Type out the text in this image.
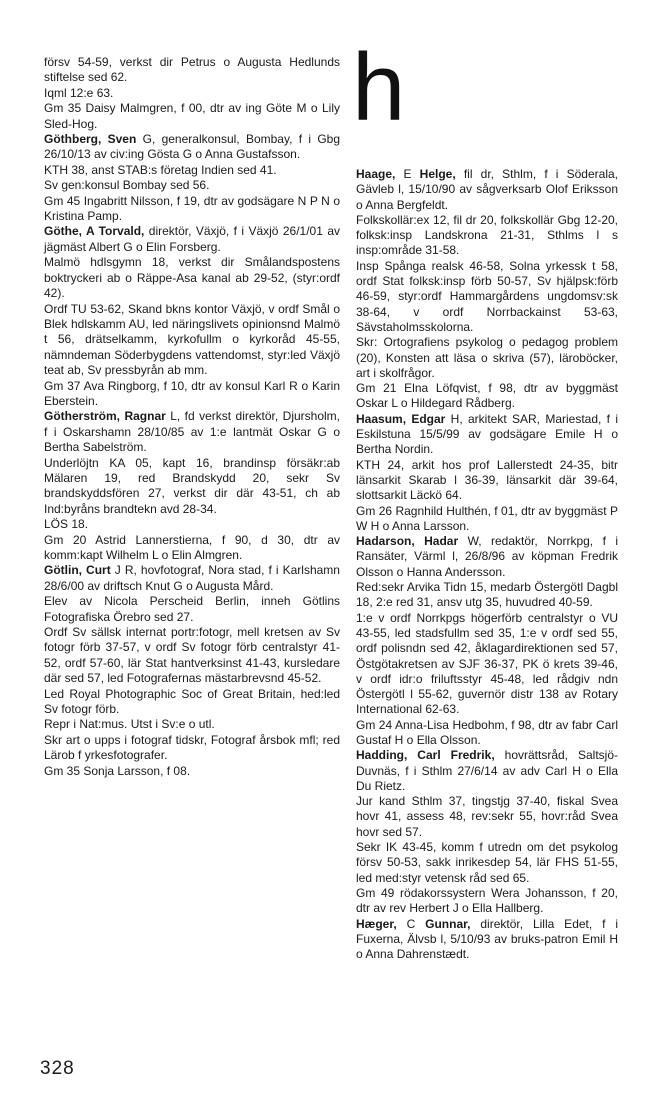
försv 54-59, verkst dir Petrus o Augusta Hedlunds stiftelse sed 62.

Iqml 12:e 63.

Gm 35 Daisy Malmgren, f 00, dtr av ing Göte M o Lily Sled-Hog.

Göthberg, Sven G, generalkonsul, Bombay, f i Gbg 26/10/13 av civ:ing Gösta G o Anna Gustafsson.

KTH 38, anst STAB:s företag Indien sed 41.

Sv gen:konsul Bombay sed 56.

Gm 45 Ingabritt Nilsson, f 19, dtr av godsägare N P N o Kristina Pamp.

Göthe, A Torvald, direktör, Växjö, f i Växjö 26/1/01 av jägmäst Albert G o Elin Forsberg.

Malmö hdlsgymn 18, verkst dir Smålandspostens boktryckeri ab o Räppe-Asa kanal ab 29-52, (styr:ordf 42).

Ordf TU 53-62, Skand bkns kontor Växjö, v ordf Smål o Blek hdlskamm AU, led näringslivets opinionsnd Malmö t 56, drätselkamm, kyrkofullm o kyrkoråd 45-55, nämndeman Söderbygdens vattendomst, styr:led Växjö teat ab, Sv pressbyrån ab mm.

Gm 37 Ava Ringborg, f 10, dtr av konsul Karl R o Karin Eberstein.

Götherström, Ragnar L, fd verkst direktör, Djursholm, f i Oskarshamn 28/10/85 av 1:e lantmät Oskar G o Bertha Sabelström.

Underlöjtn KA 05, kapt 16, brandinsp försäkr:ab Mälaren 19, red Brandskydd 20, sekr Sv brandskyddsfören 27, verkst dir där 43-51, ch ab Ind:byråns brandtekn avd 28-34.

LÖS 18.

Gm 20 Astrid Lannerstierna, f 90, d 30, dtr av komm:kapt Wilhelm L o Elin Almgren.

Götlin, Curt J R, hovfotograf, Nora stad, f i Karlshamn 28/6/00 av driftsch Knut G o Augusta Mård.

Elev av Nicola Perscheid Berlin, inneh Götlins Fotografiska Örebro sed 27.

Ordf Sv sällsk internat portr:fotogr, mell kretsen av Sv fotogr förb 37-57, v ordf Sv fotogr förb centralstyr 41-52, ordf 57-60, lär Stat hantverksinst 41-43, kursledare där sed 57, led Fotografernas mästarbrevsnd 45-52.

Led Royal Photographic Soc of Great Britain, hed:led Sv fotogr förb.

Repr i Nat:mus. Utst i Sv:e o utl.

Skr art o upps i fotograf tidskr, Fotograf årsbok mfl; red Lärob f yrkesfotografer.

Gm 35 Sonja Larsson, f 08.

h

Haage, E Helge, fil dr, Sthlm, f i Söderala, Gävleb l, 15/10/90 av sågverksarb Olof Eriksson o Anna Bergfeldt.

Folkskollär:ex 12, fil dr 20, folkskollär Gbg 12-20, folksk:insp Landskrona 21-31, Sthlms l s insp:område 31-58.

Insp Spånga realsk 46-58, Solna yrkessk t 58, ordf Stat folksk:insp förb 50-57, Sv hjälpsk:förb 46-59, styr:ordf Hammargårdens ungdomsv:sk 38-64, v ordf Norrbackainst 53-63, Sävstaholmsskolorna.

Skr: Ortografiens psykolog o pedagog problem (20), Konsten att läsa o skriva (57), läroböcker, art i skolfrågor.

Gm 21 Elna Löfqvist, f 98, dtr av byggmäst Oskar L o Hildegard Rådberg.

Haasum, Edgar H, arkitekt SAR, Mariestad, f i Eskilstuna 15/5/99 av godsägare Emile H o Bertha Nordin.

KTH 24, arkit hos prof Lallerstedt 24-35, bitr länsarkit Skarab l 36-39, länsarkit där 39-64, slottsarkit Läckö 64.

Gm 26 Ragnhild Hulthén, f 01, dtr av byggmäst P W H o Anna Larsson.

Hadarson, Hadar W, redaktör, Norrkpg, f i Ransäter, Värml l, 26/8/96 av köpman Fredrik Olsson o Hanna Andersson.

Red:sekr Arvika Tidn 15, medarb Östergötl Dagbl 18, 2:e red 31, ansv utg 35, huvudred 40-59.

1:e v ordf Norrkpgs högerförb centralstyr o VU 43-55, led stadsfullm sed 35, 1:e v ordf sed 55, ordf polisndn sed 42, åklagardirektionen sed 57, Östgötakretsen av SJF 36-37, PK ö krets 39-46, v ordf idr:o friluftsstyr 45-48, led rådgiv ndn Östergötl l 55-62, guvernör distr 138 av Rotary International 62-63.

Gm 24 Anna-Lisa Hedbohm, f 98, dtr av fabr Carl Gustaf H o Ella Olsson.

Hadding, Carl Fredrik, hovrättsråd, Saltsjö-Duvnäs, f i Sthlm 27/6/14 av adv Carl H o Ella Du Rietz.

Jur kand Sthlm 37, tingstjg 37-40, fiskal Svea hovr 41, assess 48, rev:sekr 55, hovr:råd Svea hovr sed 57.

Sekr IK 43-45, komm f utredn om det psykolog försv 50-53, sakk inrikesdep 54, lär FHS 51-55, led med:styr vetensk råd sed 65.

Gm 49 rödakorssystern Wera Johansson, f 20, dtr av rev Herbert J o Ella Hallberg.

Hæger, C Gunnar, direktör, Lilla Edet, f i Fuxerna, Älvsb l, 5/10/93 av bruks-patron Emil H o Anna Dahrenstædt.

328
